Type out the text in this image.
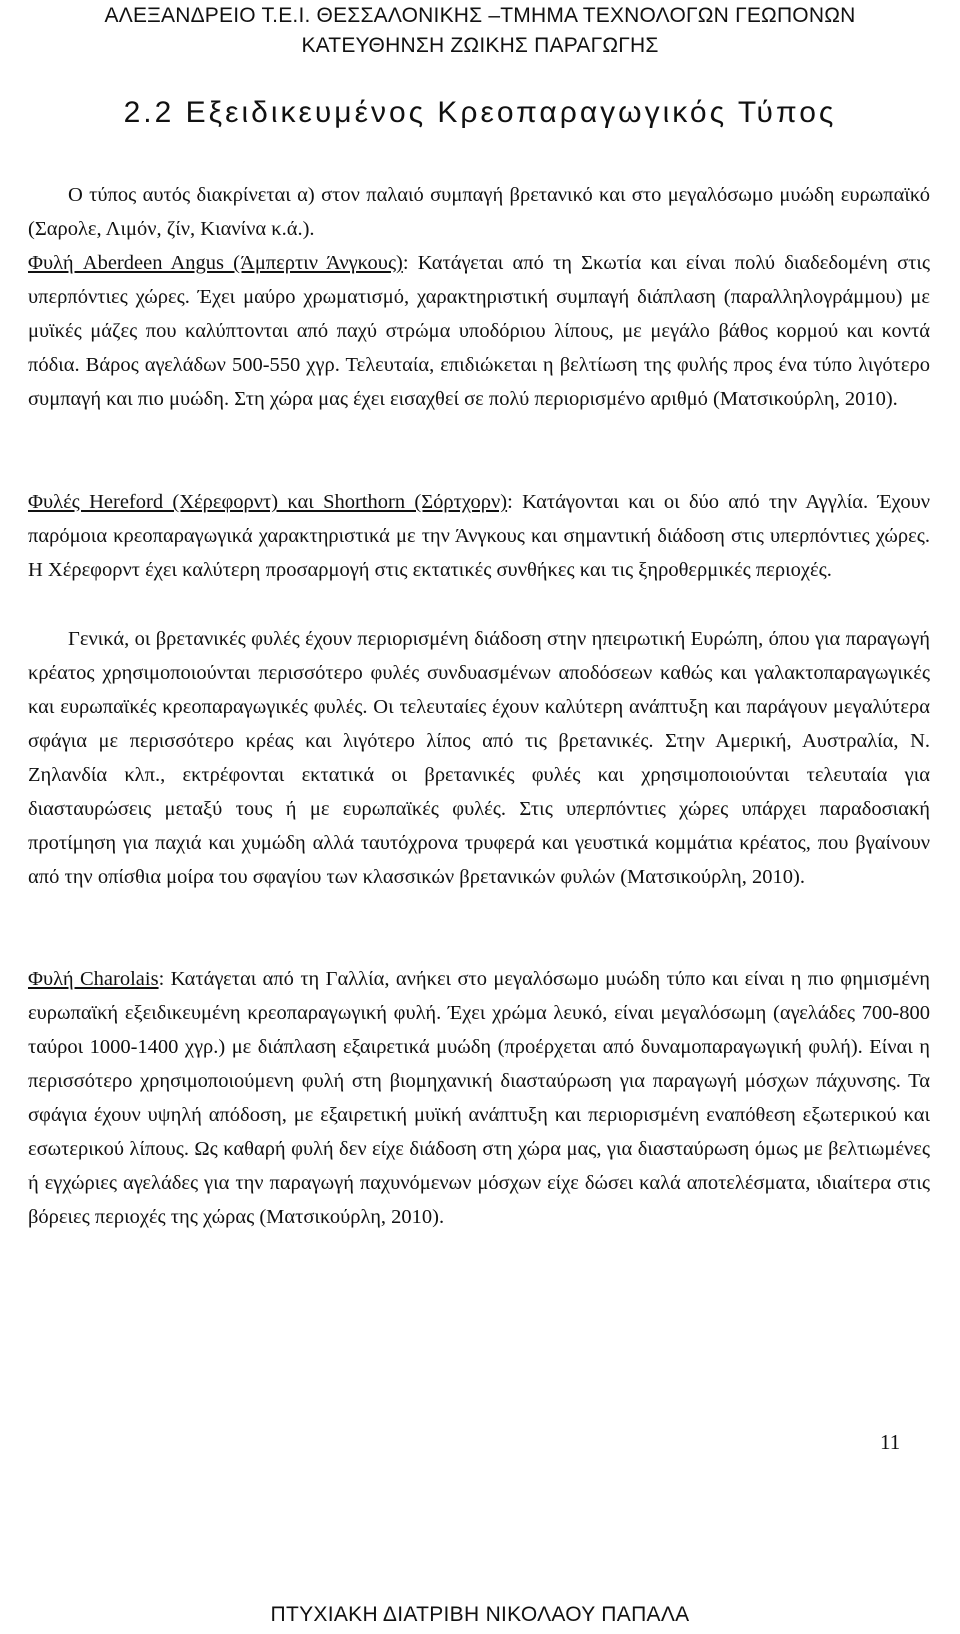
ΑΛΕΞΑΝΔΡΕΙΟ Τ.Ε.Ι. ΘΕΣΣΑΛΟΝΙΚΗΣ –ΤΜΗΜΑ ΤΕΧΝΟΛΟΓΩΝ ΓΕΩΠΟΝΩΝ
ΚΑΤΕΥΘΗΝΣΗ ΖΩΙΚΗΣ ΠΑΡΑΓΩΓΗΣ
2.2 Εξειδικευμένος Κρεοπαραγωγικός Τύπος

Ο τύπος αυτός διακρίνεται α) στον παλαιό συμπαγή βρετανικό και στο μεγαλόσωμο μυώδη ευρωπαϊκό (Σαρολε, Λιμόν, ζίν, Κιανίνα κ.ά.).

Φυλή Aberdeen Angus (Άμπερτιν Άνγκους): Κατάγεται από τη Σκωτία και είναι πολύ διαδεδομένη στις υπερπόντιες χώρες. Έχει μαύρο χρωματισμό, χαρακτηριστική συμπαγή διάπλαση (παραλληλογράμμου) με μυϊκές μάζες που καλύπτονται από παχύ στρώμα υποδόριου λίπους, με μεγάλο βάθος κορμού και κοντά πόδια. Βάρος αγελάδων 500-550 χγρ. Τελευταία, επιδιώκεται η βελτίωση της φυλής προς ένα τύπο λιγότερο συμπαγή και πιο μυώδη. Στη χώρα μας έχει εισαχθεί σε πολύ περιορισμένο αριθμό (Ματσικούρλη, 2010).

Φυλές Hereford (Χέρεφορντ) και Shorthorn (Σόρτχορν): Κατάγονται και οι δύο από την Αγγλία. Έχουν παρόμοια κρεοπαραγωγικά χαρακτηριστικά με την Άνγκους και σημαντική διάδοση στις υπερπόντιες χώρες. Η Χέρεφορντ έχει καλύτερη προσαρμογή στις εκτατικές συνθήκες και τις ξηροθερμικές περιοχές.

Γενικά, οι βρετανικές φυλές έχουν περιορισμένη διάδοση στην ηπειρωτική Ευρώπη, όπου για παραγωγή κρέατος χρησιμοποιούνται περισσότερο φυλές συνδυασμένων αποδόσεων καθώς και γαλακτοπαραγωγικές και ευρωπαϊκές κρεοπαραγωγικές φυλές. Οι τελευταίες έχουν καλύτερη ανάπτυξη και παράγουν μεγαλύτερα σφάγια με περισσότερο κρέας και λιγότερο λίπος από τις βρετανικές. Στην Αμερική, Αυστραλία, Ν. Ζηλανδία κλπ., εκτρέφονται εκτατικά οι βρετανικές φυλές και χρησιμοποιούνται τελευταία για διασταυρώσεις μεταξύ τους ή με ευρωπαϊκές φυλές. Στις υπερπόντιες χώρες υπάρχει παραδοσιακή προτίμηση για παχιά και χυμώδη αλλά ταυτόχρονα τρυφερά και γευστικά κομμάτια κρέατος, που βγαίνουν από την οπίσθια μοίρα του σφαγίου των κλασσικών βρετανικών φυλών (Ματσικούρλη, 2010).

Φυλή Charolais: Κατάγεται από τη Γαλλία, ανήκει στο μεγαλόσωμο μυώδη τύπο και είναι η πιο φημισμένη ευρωπαϊκή εξειδικευμένη κρεοπαραγωγική φυλή. Έχει χρώμα λευκό, είναι μεγαλόσωμη (αγελάδες 700-800 ταύροι 1000-1400 χγρ.) με διάπλαση εξαιρετικά μυώδη (προέρχεται από δυναμοπαραγωγική φυλή). Είναι η περισσότερο χρησιμοποιούμενη φυλή στη βιομηχανική διασταύρωση για παραγωγή μόσχων πάχυνσης. Τα σφάγια έχουν υψηλή απόδοση, με εξαιρετική μυϊκή ανάπτυξη και περιορισμένη εναπόθεση εξωτερικού και εσωτερικού λίπους. Ως καθαρή φυλή δεν είχε διάδοση στη χώρα μας, για διασταύρωση όμως με βελτιωμένες ή εγχώριες αγελάδες για την παραγωγή παχυνόμενων μόσχων είχε δώσει καλά αποτελέσματα, ιδιαίτερα στις βόρειες περιοχές της χώρας (Ματσικούρλη, 2010).

11
ΠΤΥΧΙΑΚΗ ΔΙΑΤΡΙΒΗ ΝΙΚΟΛΑΟΥ ΠΑΠΑΛΑ
